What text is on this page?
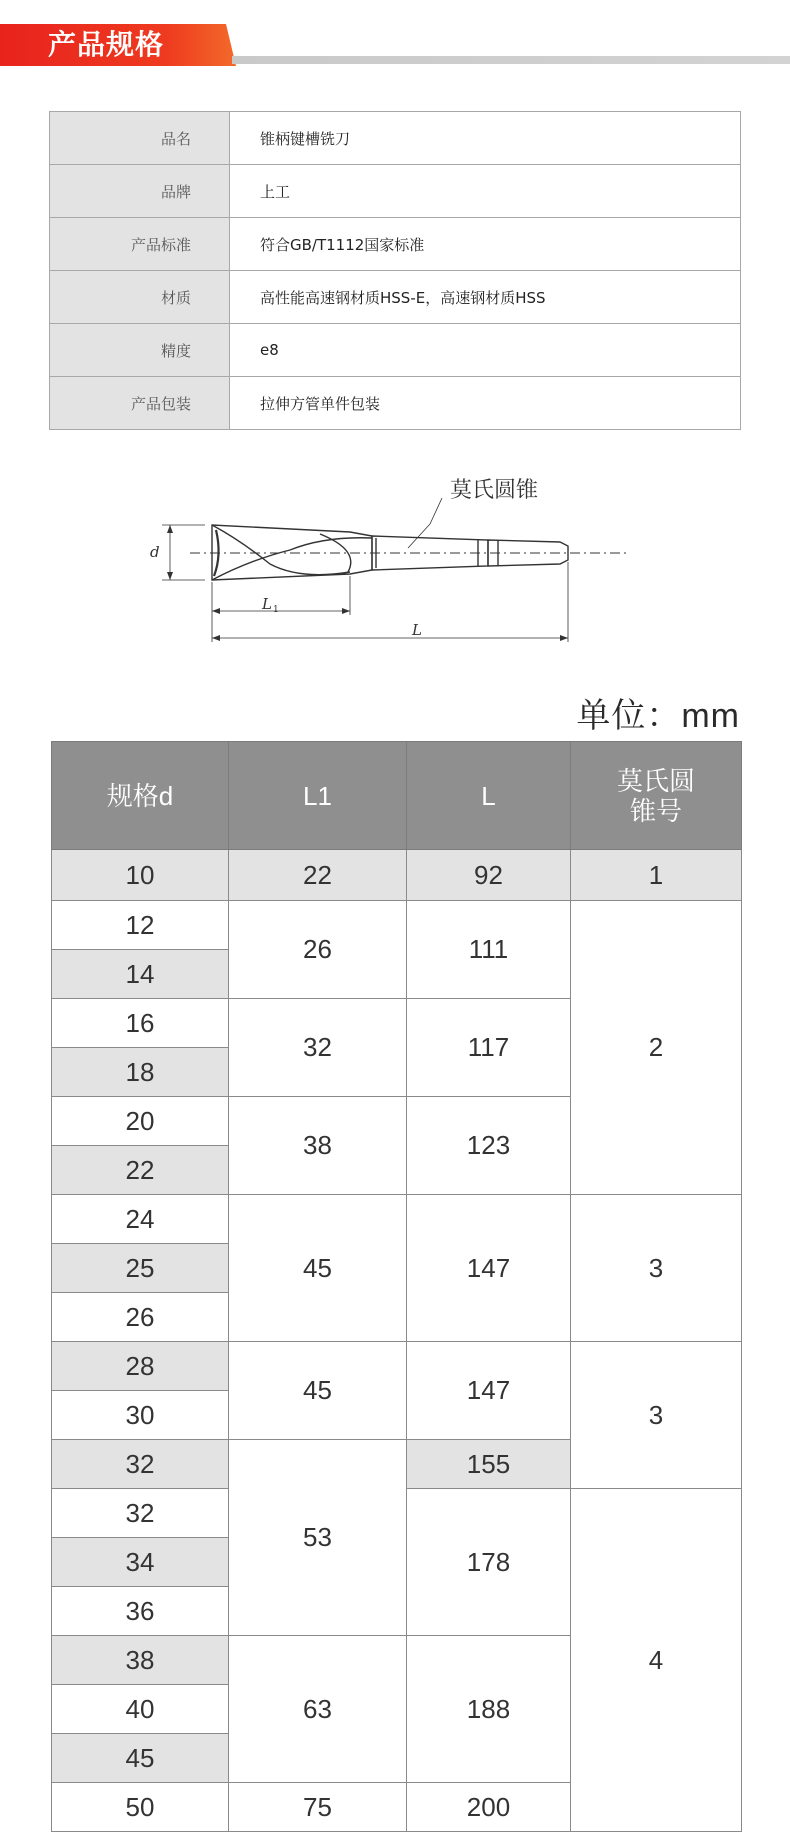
产品规格
品名	锥柄键槽铣刀
品牌	上工
产品标准	符合GB/T1112国家标准
材质	高性能高速钢材质HSS-E，高速钢材质HSS
精度	e8
产品包装	拉伸方管单件包装
莫氏圆锥
d
L 1
L
单位：mm
规格d	L1	L	莫氏圆锥号
10	22	92	1
12	26	111	2
14			
16	32	117	
18			
20	38	123	
22			
24	45	147	3
25			
26			
28	45	147	3
30			
32	53	155	
32		178	4
34			
36			
38	63	188	
40			
45			
50	75	200	
